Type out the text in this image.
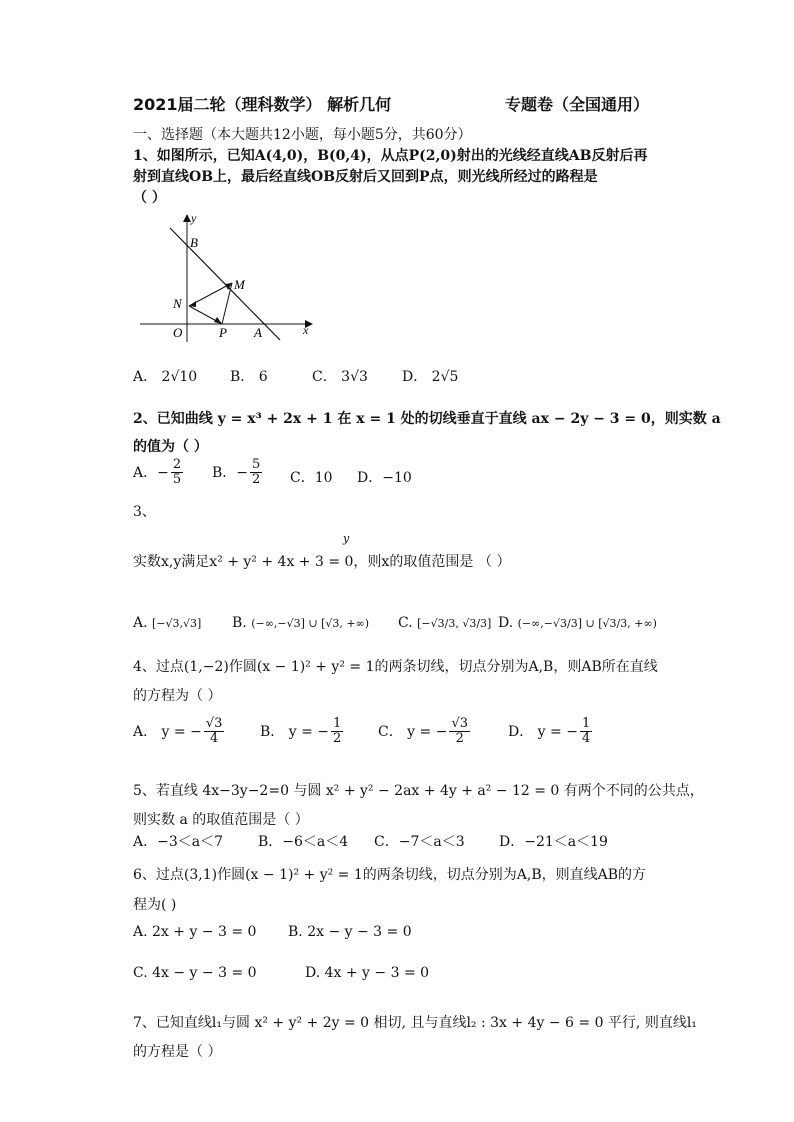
2021届二轮（理科数学） 解析几何	专题卷（全国通用）
一、选择题（本大题共12小题，每小题5分，共60分）
1、如图所示，已知A(4,0)，B(0,4)，从点P(2,0)射出的光线经直线AB反射后再
射到直线OB上，最后经直线OB反射后又回到P点，则光线所经过的路程是
（ ）
y
x
B
M
N
O	P A
A． 2√10 B． 6	C． 3√3 D． 2√5
2、已知曲线 y = x³ + 2x + 1 在 x = 1 处的切线垂直于直线 ax − 2y − 3 = 0，则实数 a
的值为（ ）
A．− $\frac{2}{5}$ B．− $\frac{5}{2}$ C．10 D．−10
3、
y
实数x,y满足x² + y² + 4x + 3 = 0，则x的取值范围是 （ ）
A. [−√3,√3] B. (−∞,−√3] ∪ [√3, +∞) C. [−√3/3, √3/3] D. (−∞,−√3/3] ∪ [√3/3, +∞)
4、过点(1,−2)作圆(x − 1)² + y² = 1的两条切线，切点分别为A,B，则AB所在直线
的方程为（ ）
A． y = − $\frac{√3}{4}$	B． y = − $\frac{1}{2}$ C． y = − $\frac{√3}{2}$	D． y = − $\frac{1}{4}$
5、若直线 4x−3y−2=0 与圆 x² + y² − 2ax + 4y + a² − 12 = 0 有两个不同的公共点，
则实数 a 的取值范围是（ ）
A．−3＜a＜7 B．−6＜a＜4 C．−7＜a＜3 D．−21＜a＜19
6、过点(3,1)作圆(x − 1)² + y² = 1的两条切线，切点分别为A,B，则直线AB的方
程为( )
A. 2x + y − 3 = 0 B. 2x − y − 3 = 0
C. 4x − y − 3 = 0	D. 4x + y − 3 = 0
7、已知直线l₁与圆 x² + y² + 2y = 0 相切, 且与直线l₂ : 3x + 4y − 6 = 0 平行, 则直线l₁
的方程是（ ）
